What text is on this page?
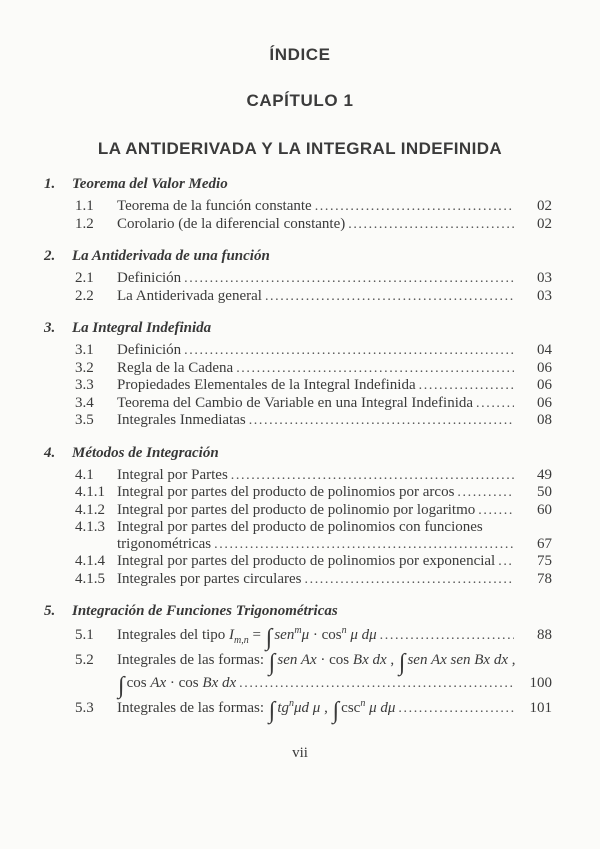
ÍNDICE
CAPÍTULO 1
LA ANTIDERIVADA Y LA INTEGRAL INDEFINIDA
1.	Teorema del Valor Medio
1.1	Teorema de la función constante .....	02
1.2	Corolario (de la diferencial constante) .....	02
2.	La Antiderivada de una función
2.1	Definición .....	03
2.2	La Antiderivada general .....	03
3.	La Integral Indefinida
3.1	Definición .....	04
3.2	Regla de la Cadena .....	06
3.3	Propiedades Elementales de la Integral Indefinida .....	06
3.4	Teorema del Cambio de Variable en una Integral Indefinida .....	06
3.5	Integrales Inmediatas .....	08
4.	Métodos de Integración
4.1	Integral por Partes .....	49
4.1.1 Integral por partes del producto de polinomios por arcos .....	50
4.1.2 Integral por partes del producto de polinomio por logaritmo .....	60
4.1.3 Integral por partes del producto de polinomios con funciones
trigonométricas .....	67
4.1.4 Integral por partes del producto de polinomios por exponencial .....	75
4.1.5 Integrales por partes circulares .....	78
5.	Integración de Funciones Trigonométricas
5.1	Integrales del tipo $I_{m,n}$ = ∫ $sen^m\mu \cdot \cos^n \mu$ dμ .....	88
5.2	Integrales de las formas: ∫ sen Ax · cos Bx dx , ∫ sen Ax sen Bx dx ,
∫ cos Ax · cos Bx dx .....	100
5.3	Integrales de las formas: ∫ $tg^n\mu d$ μ , ∫ $\csc^n \mu$ dμ .....	101
vii
